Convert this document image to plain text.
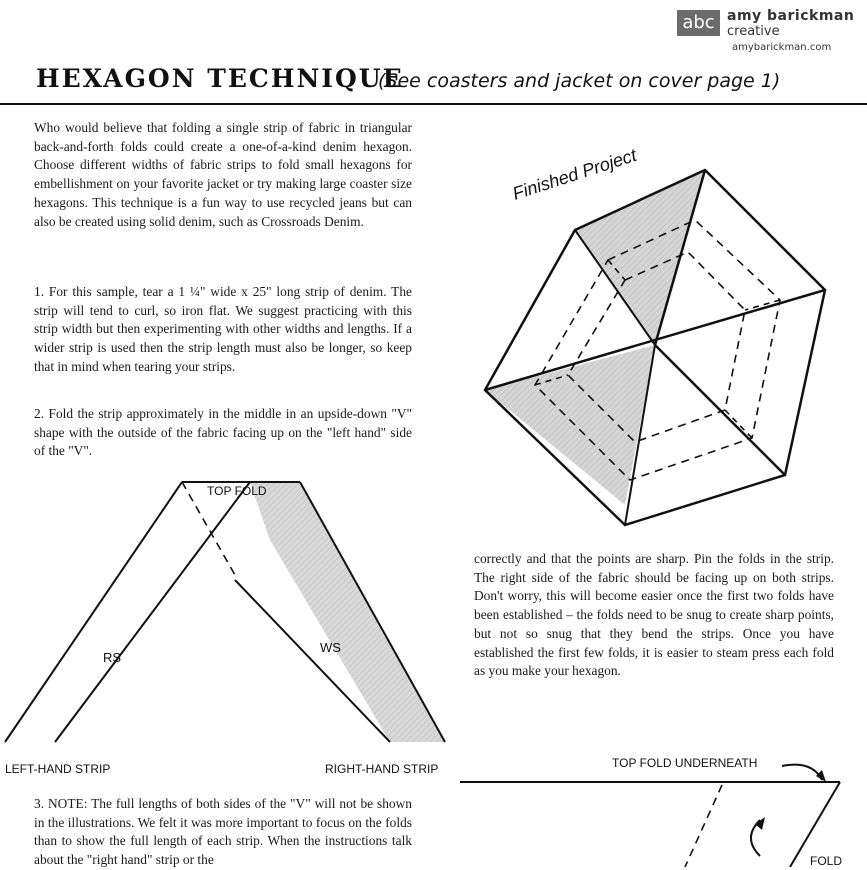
abc amy barickman
creative
amybarickman.com
HEXAGON TECHNIQUE
(See coasters and jacket on cover page 1)
Who would believe that folding a single strip of fabric in triangular back-and-forth folds could create a one-of-a-kind denim hexagon. Choose different widths of fabric strips to fold small hexagons for embellishment on your favorite jacket or try making large coaster size hexagons. This technique is a fun way to use recycled jeans but can also be created using solid denim, such as Crossroads Denim.
1. For this sample, tear a 1 ¼" wide x 25" long strip of denim. The strip will tend to curl, so iron flat. We suggest practicing with this strip width but then experimenting with other widths and lengths. If a wider strip is used then the strip length must also be longer, so keep that in mind when tearing your strips.
2. Fold the strip approximately in the middle in an upside-down "V" shape with the outside of the fabric facing up on the "left hand" side of the "V".
3. NOTE: The full lengths of both sides of the "V" will not be shown in the illustrations. We felt it was more important to focus on the folds than to show the full length of each strip. When the instructions talk about the "right hand" strip or the
correctly and that the points are sharp. Pin the folds in the strip. The right side of the fabric should be facing up on both strips. Don't worry, this will become easier once the first two folds have been established – the folds need to be snug to create sharp points, but not so snug that they bend the strips. Once you have established the first few folds, it is easier to steam press each fold as you make your hexagon.
Finished Project
TOP FOLD
RS
WS
LEFT-HAND STRIP	RIGHT-HAND STRIP	TOP FOLD UNDERNEATH
FOLD
